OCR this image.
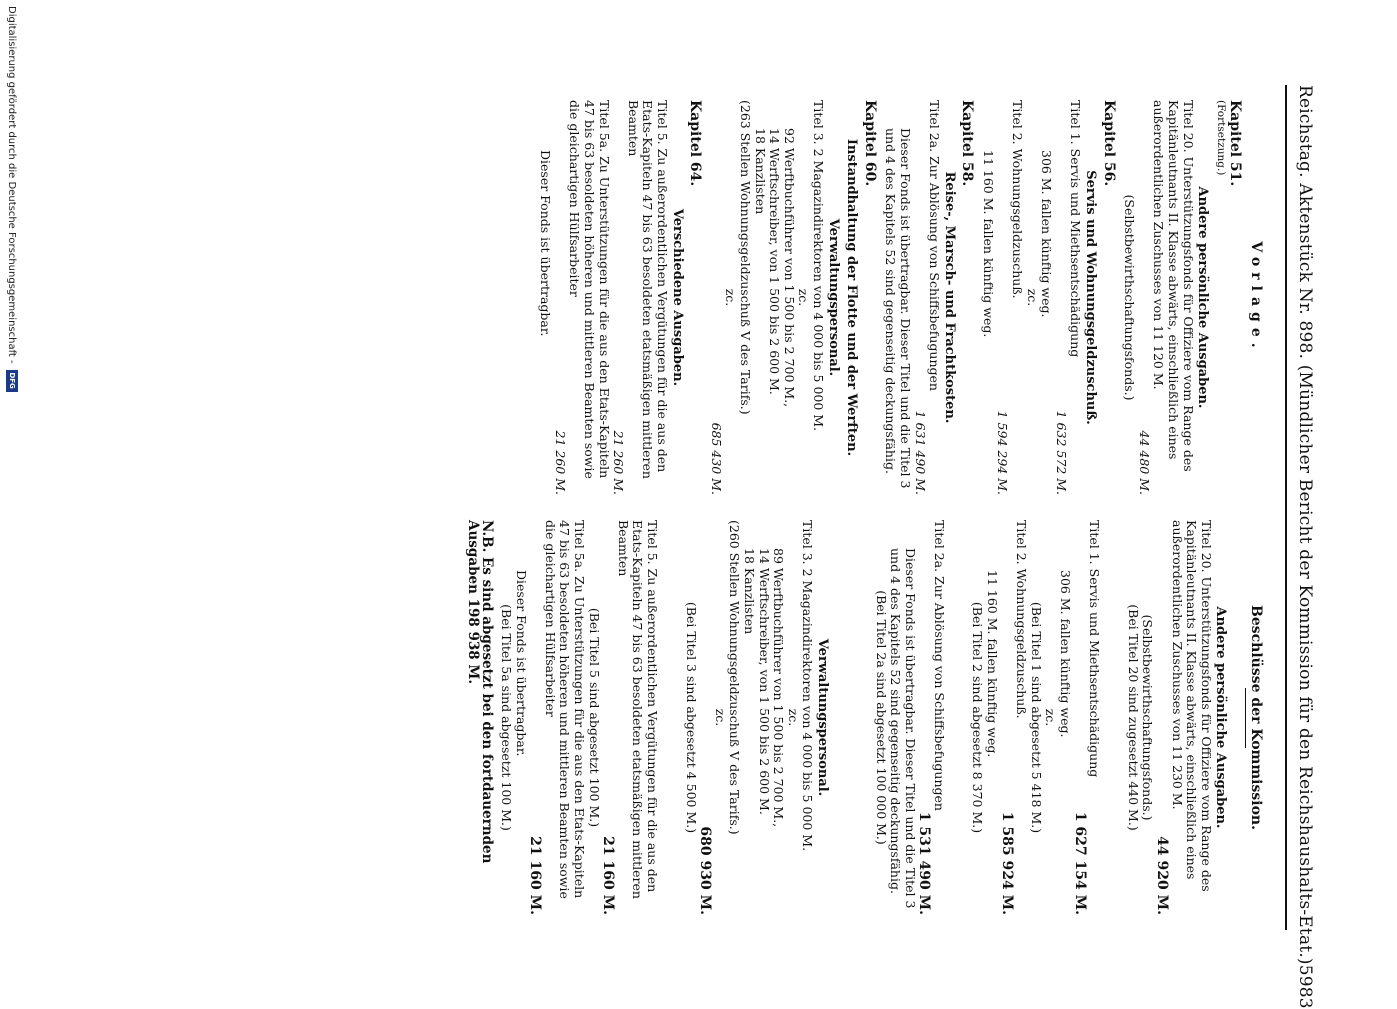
Reichstag. Aktenstück Nr. 898. (Mündlicher Bericht der Kommission für den Reichshaushalts-Etat.)
5983

Vorlage.

Kapitel 51.

(Fortsetzung.)

Andere persönliche Ausgaben.

Titel 20. Unterstützungsfonds für Offiziere vom Range des Kapitänleutnants II. Klasse abwärts, einschließlich eines außerordentlichen Zuschusses von 11 120 M.

44 480 M.

(Selbstbewirthschaftungsfonds.)

Kapitel 56.

Servis und Wohnungsgeldzuschuß.

Titel 1. Servis und Miethsentschädigung

1 632 572 M.

306 M. fallen künftig weg.

zc.

Titel 2. Wohnungsgeldzuschuß.

1 594 294 M.

11 160 M. fallen künftig weg.

Kapitel 58.

Reise-, Marsch- und Frachtkosten.

Titel 2a. Zur Ablösung von Schiffsbefugungen

1 631 490 M.

Dieser Fonds ist übertragbar. Dieser Titel und die Titel 3 und 4 des Kapitels 52 sind gegenseitig deckungsfähig.

Kapitel 60.

Instandhaltung der Flotte und der Werften.

Verwaltungspersonal.

Titel 3. 2 Magazindirektoren von 4 000 bis 5 000 M.

zc.

92 Werftbuchführer von 1 500 bis 2 700 M.,

14 Werftschreiber, von 1 500 bis 2 600 M.

18 Kanzlisten

(263 Stellen Wohnungsgeldzuschuß V des Tarifs.)

zc.

685 430 M.

Kapitel 64.

Verschiedene Ausgaben.

Titel 5. Zu außerordentlichen Vergütungen für die aus den Etats-Kapiteln 47 bis 63 besoldeten etatsmäßigen mittleren Beamten

21 260 M.

Titel 5a. Zu Unterstützungen für die aus den Etats-Kapiteln 47 bis 63 besoldeten höheren und mittleren Beamten sowie die gleichartigen Hülfsarbeiter

21 260 M.

Dieser Fonds ist übertragbar.

Beschlüsse der Kommission.

Andere persönliche Ausgaben.

Titel 20. Unterstützungsfonds für Offiziere vom Range des Kapitänleutnants II. Klasse abwärts, einschließlich eines außerordentlichen Zuschusses von 11 230 M.

44 920 M.

(Selbstbewirthschaftungsfonds.)

(Bei Titel 20 sind zugesetzt 440 M.)

Titel 1. Servis und Miethsentschädigung

1 627 154 M.

306 M. fallen künftig weg.

zc.

(Bei Titel 1 sind abgesetzt 5 418 M.)

Titel 2. Wohnungsgeldzuschuß.

1 585 924 M.

11 160 M. fallen künftig weg.

(Bei Titel 2 sind abgesetzt 8 370 M.)

Titel 2a. Zur Ablösung von Schiffsbefugungen

1 531 490 M.

Dieser Fonds ist übertragbar. Dieser Titel und die Titel 3 und 4 des Kapitels 52 sind gegenseitig deckungsfähig.

(Bei Titel 2a sind abgesetzt 100 000 M.)

Verwaltungspersonal.

Titel 3. 2 Magazindirektoren von 4 000 bis 5 000 M.

zc.

89 Werftbuchführer von 1 500 bis 2 700 M.,

14 Werftschreiber, von 1 500 bis 2 600 M.

18 Kanzlisten

(260 Stellen Wohnungsgeldzuschuß V des Tarifs.)

zc.

680 930 M.

(Bei Titel 3 sind abgesetzt 4 500 M.)

Titel 5. Zu außerordentlichen Vergütungen für die aus den Etats-Kapiteln 47 bis 63 besoldeten etatsmäßigen mittleren Beamten

21 160 M.

(Bei Titel 5 sind abgesetzt 100 M.)

Titel 5a. Zu Unterstützungen für die aus den Etats-Kapiteln 47 bis 63 besoldeten höheren und mittleren Beamten sowie die gleichartigen Hülfsarbeiter

21 160 M.

Dieser Fonds ist übertragbar.

(Bei Titel 5a sind abgesetzt 100 M.)

N.B. Es sind abgesetzt bei den fortdauernden Ausgaben 198 938 M.

Digitalisierung gefördert durch die Deutsche Forschungsgemeinschaft -
DFG
